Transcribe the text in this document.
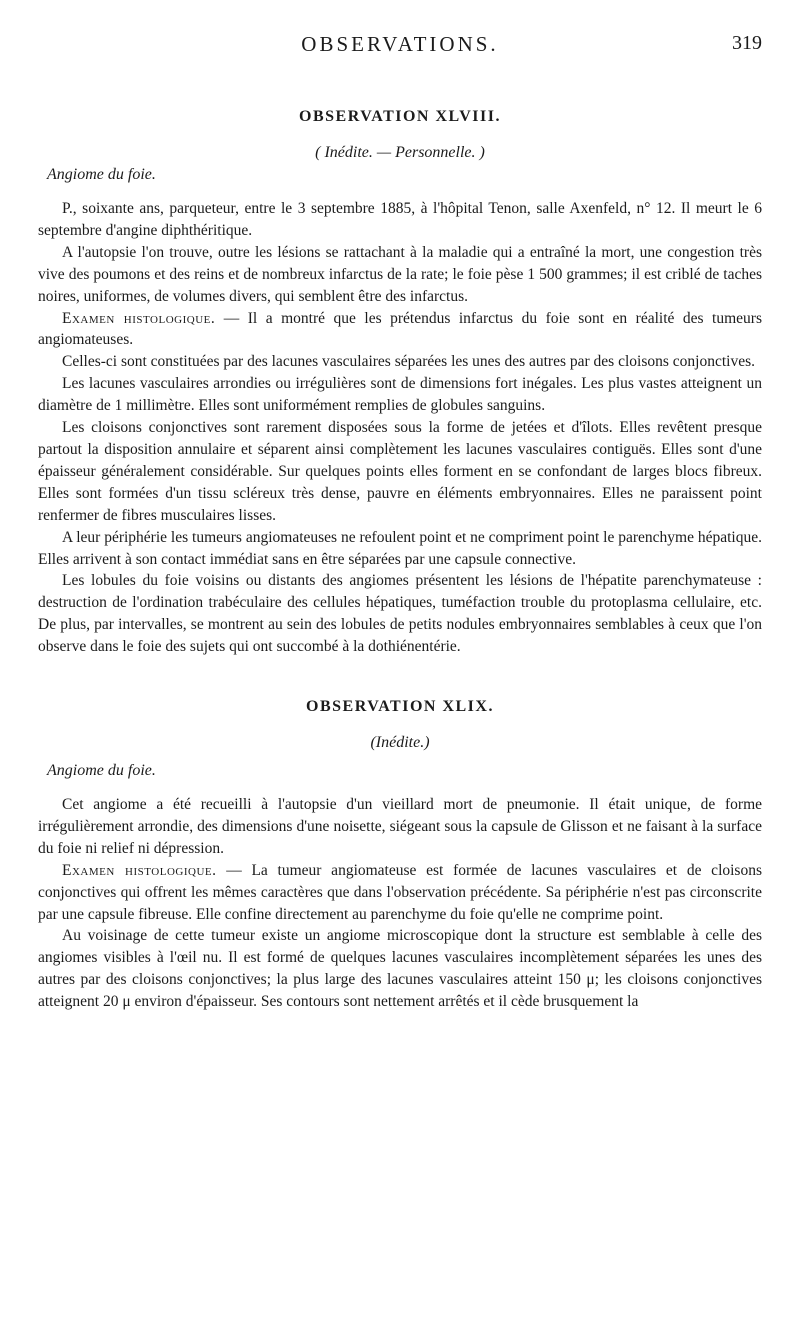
OBSERVATIONS.	319
OBSERVATION XLVIII.
( Inédite. — Personnelle. )
Angiome du foie.

P., soixante ans, parqueteur, entre le 3 septembre 1885, à l'hôpital Tenon, salle Axenfeld, n° 12. Il meurt le 6 septembre d'angine diphthéritique.

A l'autopsie l'on trouve, outre les lésions se rattachant à la maladie qui a entraîné la mort, une congestion très vive des poumons et des reins et de nombreux infarctus de la rate; le foie pèse 1 500 grammes; il est criblé de taches noires, uniformes, de volumes divers, qui semblent être des infarctus.

Examen histologique. — Il a montré que les prétendus infarctus du foie sont en réalité des tumeurs angiomateuses.

Celles-ci sont constituées par des lacunes vasculaires séparées les unes des autres par des cloisons conjonctives.

Les lacunes vasculaires arrondies ou irrégulières sont de dimensions fort inégales. Les plus vastes atteignent un diamètre de 1 millimètre. Elles sont uniformément remplies de globules sanguins.

Les cloisons conjonctives sont rarement disposées sous la forme de jetées et d'îlots. Elles revêtent presque partout la disposition annulaire et séparent ainsi complètement les lacunes vasculaires contiguës. Elles sont d'une épaisseur généralement considérable. Sur quelques points elles forment en se confondant de larges blocs fibreux. Elles sont formées d'un tissu scléreux très dense, pauvre en éléments embryonnaires. Elles ne paraissent point renfermer de fibres musculaires lisses.

A leur périphérie les tumeurs angiomateuses ne refoulent point et ne compriment point le parenchyme hépatique. Elles arrivent à son contact immédiat sans en être séparées par une capsule connective.

Les lobules du foie voisins ou distants des angiomes présentent les lésions de l'hépatite parenchymateuse : destruction de l'ordination trabéculaire des cellules hépatiques, tuméfaction trouble du protoplasma cellulaire, etc. De plus, par intervalles, se montrent au sein des lobules de petits nodules embryonnaires semblables à ceux que l'on observe dans le foie des sujets qui ont succombé à la dothiénentérie.

OBSERVATION XLIX.
(Inédite.)
Angiome du foie.

Cet angiome a été recueilli à l'autopsie d'un vieillard mort de pneumonie. Il était unique, de forme irrégulièrement arrondie, des dimensions d'une noisette, siégeant sous la capsule de Glisson et ne faisant à la surface du foie ni relief ni dépression.

Examen histologique. — La tumeur angiomateuse est formée de lacunes vasculaires et de cloisons conjonctives qui offrent les mêmes caractères que dans l'observation précédente. Sa périphérie n'est pas circonscrite par une capsule fibreuse. Elle confine directement au parenchyme du foie qu'elle ne comprime point.

Au voisinage de cette tumeur existe un angiome microscopique dont la structure est semblable à celle des angiomes visibles à l'œil nu. Il est formé de quelques lacunes vasculaires incomplètement séparées les unes des autres par des cloisons conjonctives; la plus large des lacunes vasculaires atteint 150 μ; les cloisons conjonctives atteignent 20 μ environ d'épaisseur. Ses contours sont nettement arrêtés et il cède brusquement la
